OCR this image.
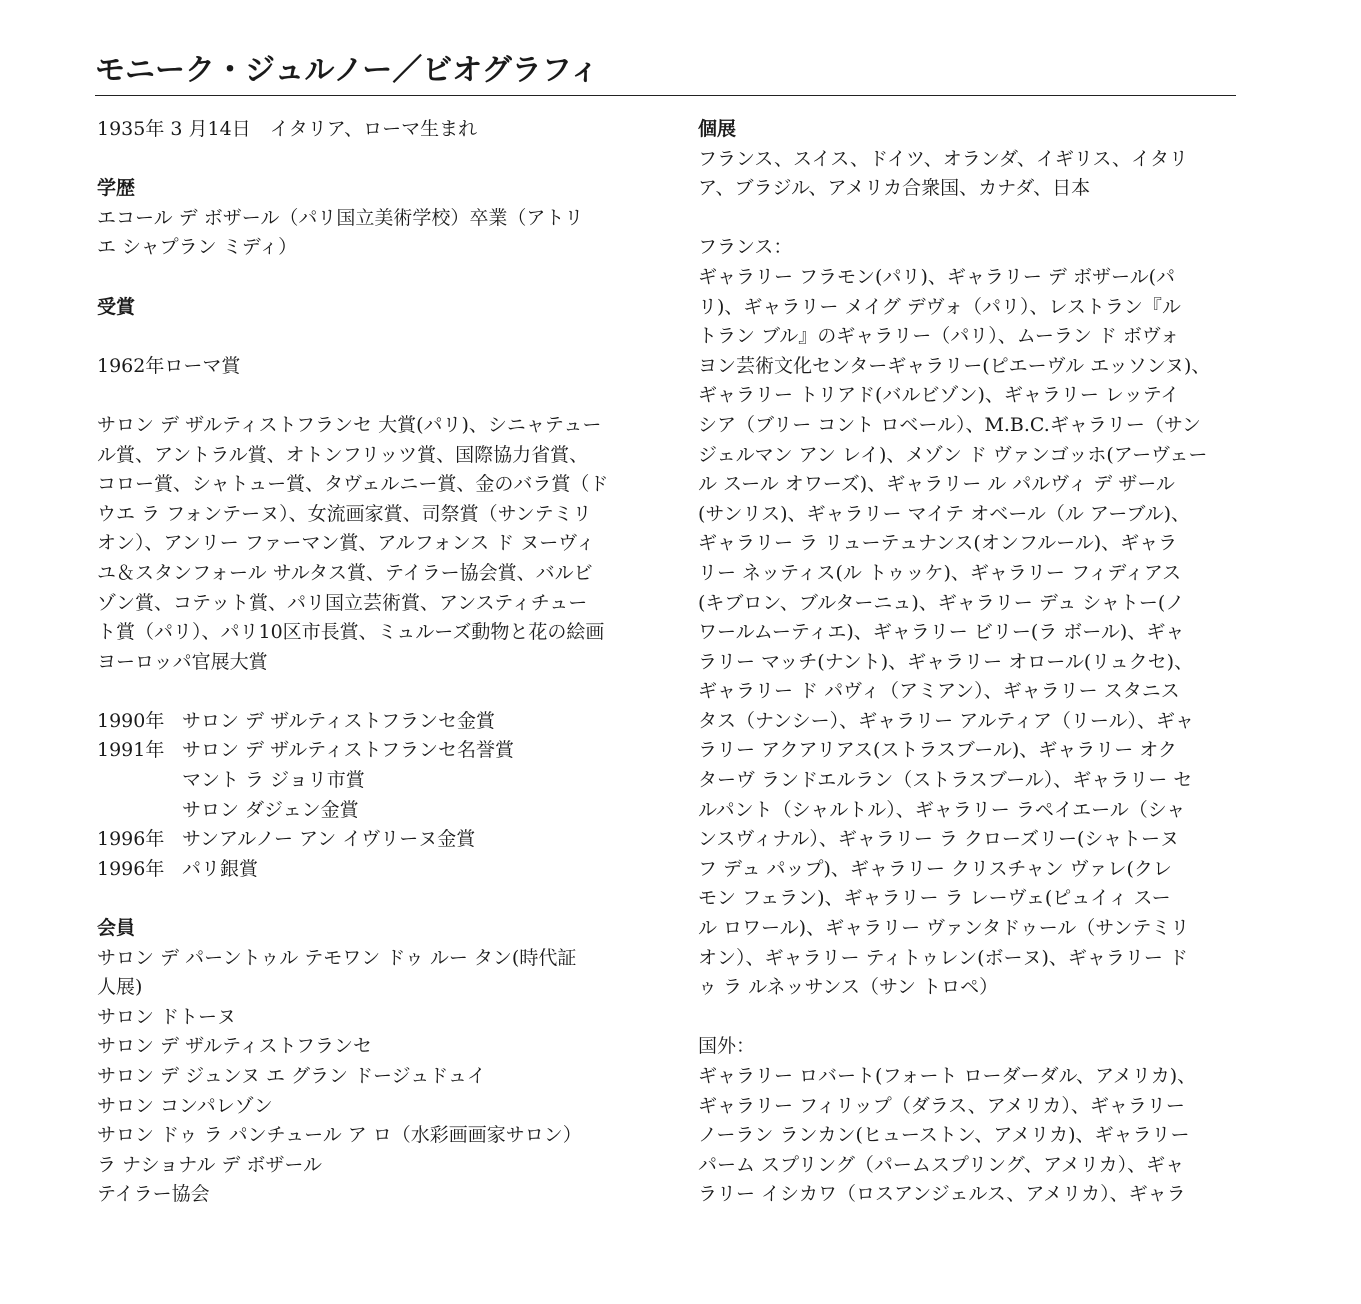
モニーク・ジュルノー／ビオグラフィ
1935年 3 月14日　イタリア、ローマ生まれ
学歴
エコール デ ボザール（パリ国立美術学校）卒業（アトリ
エ シャプラン ミディ）
受賞
1962年ローマ賞
サロン デ ザルティストフランセ 大賞(パリ)、シニャテュー
ル賞、アントラル賞、オトンフリッツ賞、国際協力省賞、
コロー賞、シャトュー賞、タヴェルニー賞、金のバラ賞（ド
ウエ ラ フォンテーヌ）、女流画家賞、司祭賞（サンテミリ
オン）、アンリー ファーマン賞、アルフォンス ド ヌーヴィ
ユ＆スタンフォール サルタス賞、テイラー協会賞、バルビ
ゾン賞、コテット賞、パリ国立芸術賞、アンスティチュー
ト賞（パリ）、パリ10区市長賞、ミュルーズ動物と花の絵画
ヨーロッパ官展大賞
1990年 サロン デ ザルティストフランセ金賞
1991年 サロン デ ザルティストフランセ名誉賞
マント ラ ジョリ市賞
サロン ダジェン金賞
1996年 サンアルノー アン イヴリーヌ金賞
1996年 パリ銀賞
会員
サロン デ パーントゥル テモワン ドゥ ルー タン(時代証
人展)
サロン ドトーヌ
サロン デ ザルティストフランセ
サロン デ ジュンヌ エ グラン ドージュドュイ
サロン コンパレゾン
サロン ドゥ ラ パンチュール ア ロ（水彩画画家サロン）
ラ ナショナル デ ボザール
テイラー協会
個展
フランス、スイス、ドイツ、オランダ、イギリス、イタリ
ア、ブラジル、アメリカ合衆国、カナダ、日本
フランス：
ギャラリー フラモン(パリ)、ギャラリー デ ボザール(パ
リ)、ギャラリー メイグ デヴォ（パリ）、レストラン『ル
トラン ブル』のギャラリー（パリ）、ムーラン ド ボヴォ
ヨン芸術文化センターギャラリー(ピエーヴル エッソンヌ)、
ギャラリー トリアド(バルビゾン)、ギャラリー レッテイ
シア（ブリー コント ロベール）、M.B.C.ギャラリー（サン
ジェルマン アン レイ)、メゾン ド ヴァンゴッホ(アーヴェー
ル スール オワーズ)、ギャラリー ル パルヴィ デ ザール
(サンリス)、ギャラリー マイテ オベール（ル アーブル)、
ギャラリー ラ リューテュナンス(オンフルール)、ギャラ
リー ネッティス(ル トゥッケ)、ギャラリー フィディアス
(キブロン、ブルターニュ)、ギャラリー デュ シャトー(ノ
ワールムーティエ)、ギャラリー ビリー(ラ ボール)、ギャ
ラリー マッチ(ナント)、ギャラリー オロール(リュクセ)、
ギャラリー ド パヴィ（アミアン）、ギャラリー スタニス
タス（ナンシー）、ギャラリー アルティア（リール）、ギャ
ラリー アクアリアス(ストラスブール)、ギャラリー オク
ターヴ ランドエルラン（ストラスブール）、ギャラリー セ
ルパント（シャルトル）、ギャラリー ラペイエール（シャ
ンスヴィナル）、ギャラリー ラ クローズリー(シャトーヌ
フ デュ パップ)、ギャラリー クリスチャン ヴァレ(クレ
モン フェラン)、ギャラリー ラ レーヴェ(ピュイィ スー
ル ロワール)、ギャラリー ヴァンタドゥール（サンテミリ
オン）、ギャラリー ティトゥレン(ボーヌ)、ギャラリー ド
ゥ ラ ルネッサンス（サン トロペ）
国外：
ギャラリー ロバート(フォート ローダーダル、アメリカ)、
ギャラリー フィリップ（ダラス、アメリカ）、ギャラリー
ノーラン ランカン(ヒューストン、アメリカ)、ギャラリー
パーム スプリング（パームスプリング、アメリカ）、ギャ
ラリー イシカワ（ロスアンジェルス、アメリカ）、ギャラ
